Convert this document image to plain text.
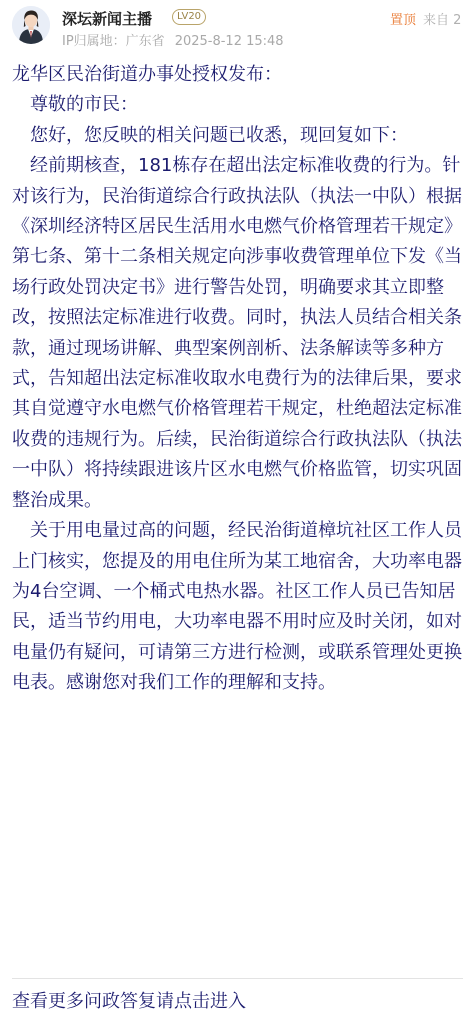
深坛新闻主播	LV20
IP归属地：广东省 2025-8-12 15:48
置顶 来自 2

龙华区民治街道办事处授权发布：

尊敬的市民：

您好，您反映的相关问题已收悉，现回复如下：

经前期核查，181栋存在超出法定标准收费的行为。针对该行为，民治街道综合行政执法队（执法一中队）根据《深圳经济特区居民生活用水电燃气价格管理若干规定》第七条、第十二条相关规定向涉事收费管理单位下发《当场行政处罚决定书》进行警告处罚，明确要求其立即整改，按照法定标准进行收费。同时，执法人员结合相关条款，通过现场讲解、典型案例剖析、法条解读等多种方式，告知超出法定标准收取水电费行为的法律后果，要求其自觉遵守水电燃气价格管理若干规定，杜绝超法定标准收费的违规行为。后续，民治街道综合行政执法队（执法一中队）将持续跟进该片区水电燃气价格监管，切实巩固整治成果。

关于用电量过高的问题，经民治街道樟坑社区工作人员上门核实，您提及的用电住所为某工地宿舍，大功率电器为4台空调、一个桶式电热水器。社区工作人员已告知居民，适当节约用电，大功率电器不用时应及时关闭，如对电量仍有疑问，可请第三方进行检测，或联系管理处更换电表。感谢您对我们工作的理解和支持。

查看更多问政答复请点击进入
